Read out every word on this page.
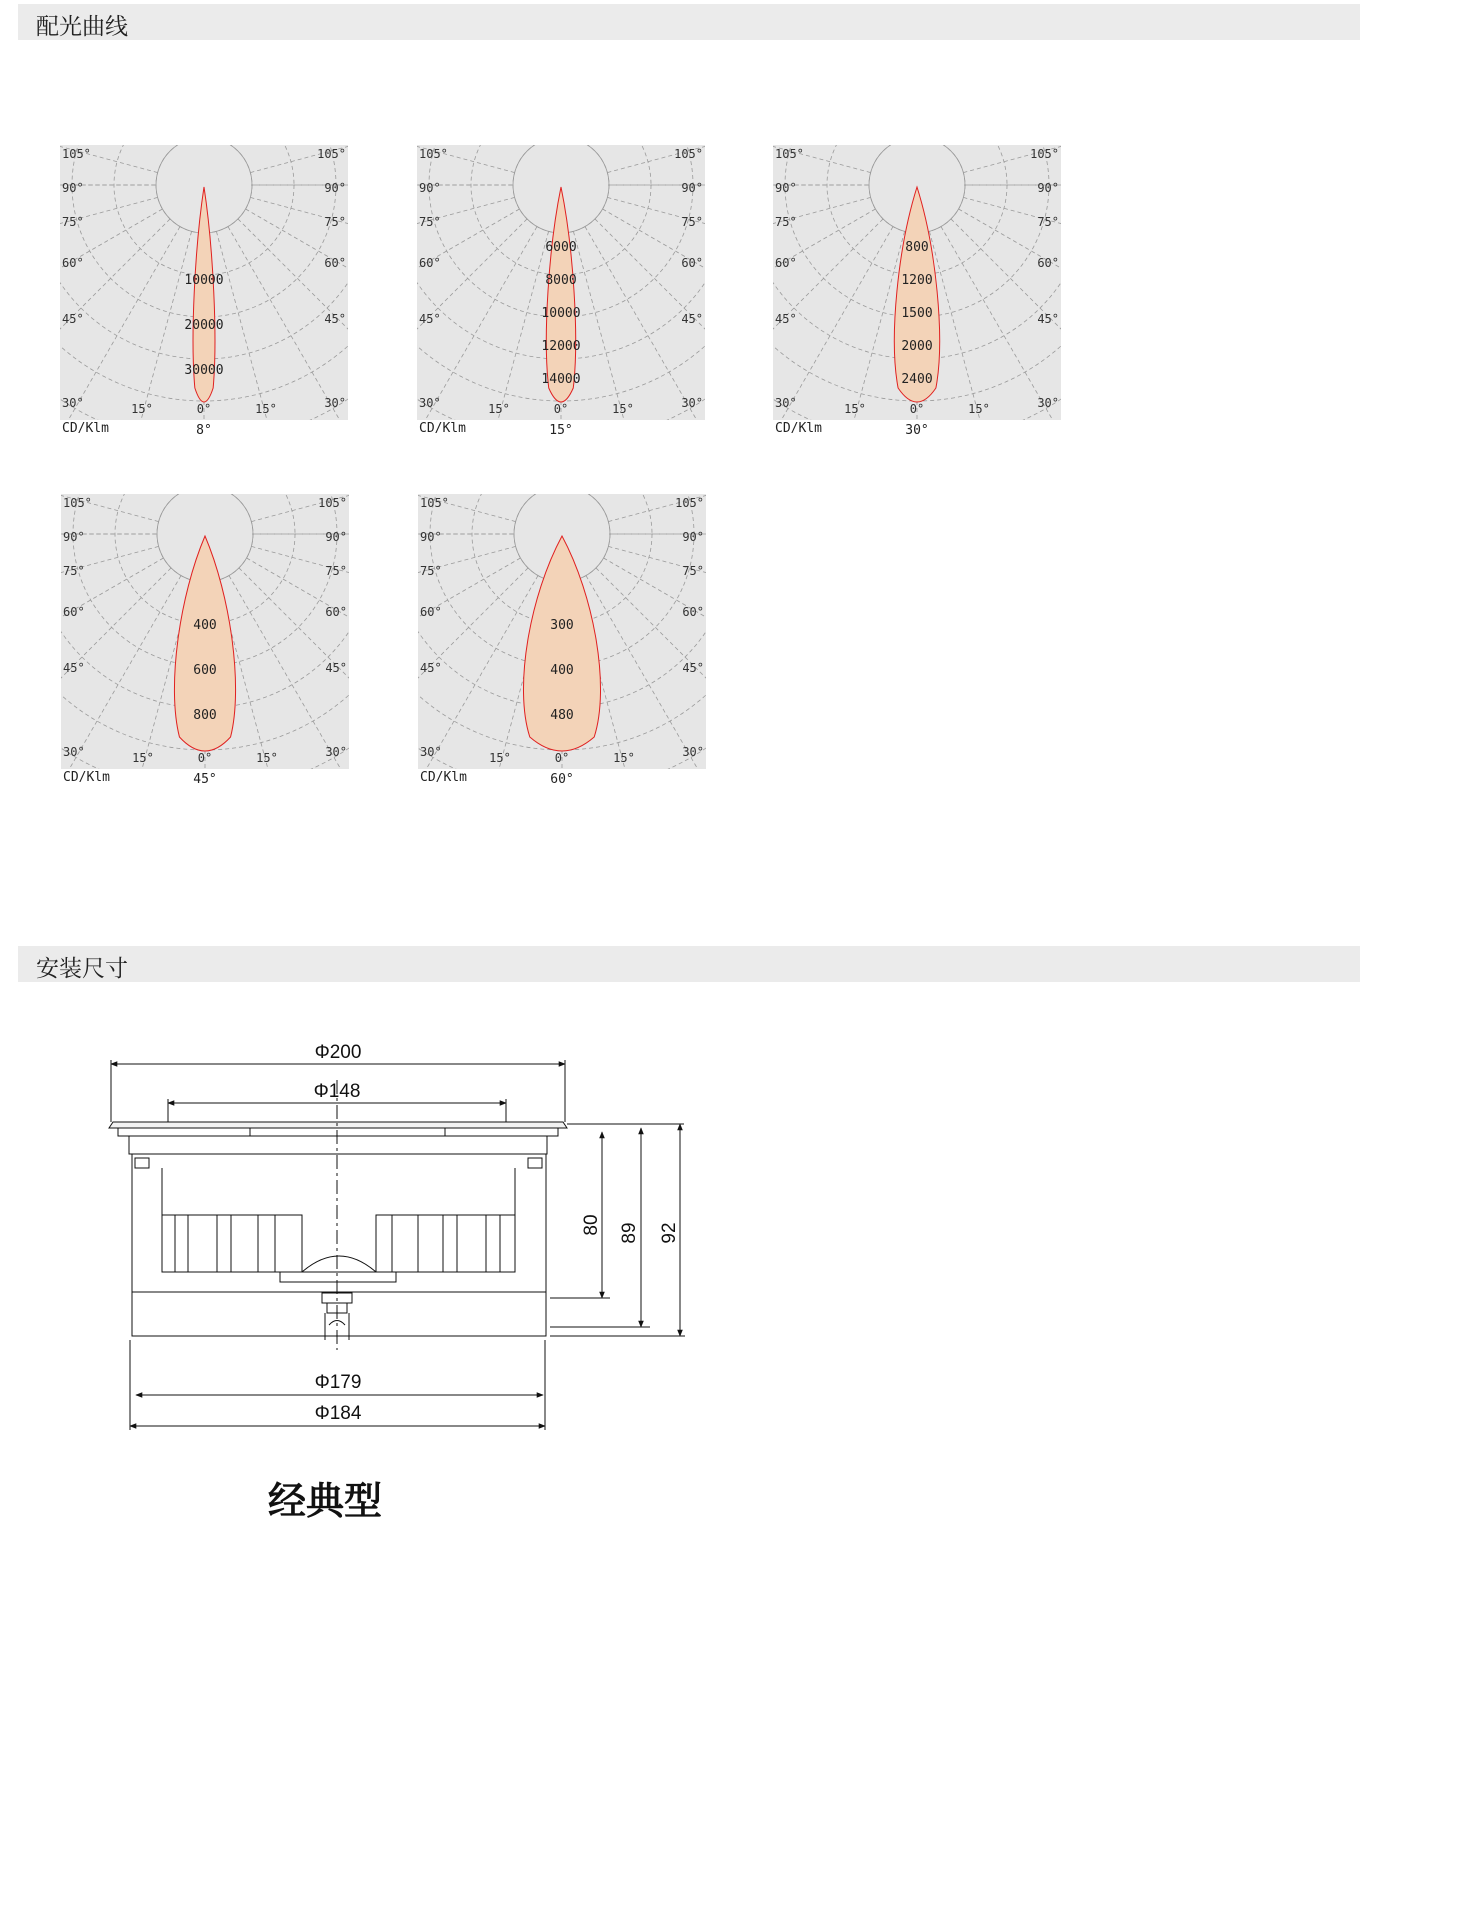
配光曲线
105°	105°
90°	90°
75°	75°
60°	60°
45°	45°
30°	30°
15°	15°
0°
10000
20000
30000
CD/Klm	8°
105°	105°
90°	90°
75°	75°
60°	60°
45°	45°
30°	30°
15°	15°
0°
6000
8000
10000
12000
14000
CD/Klm	15°
105°	105°
90°	90°
75°	75°
60°	60°
45°	45°
30°	30°
15°	15°
0°
800
1200
1500
2000
2400
CD/Klm	30°
105°	105°
90°	90°
75°	75°
60°	60°
45°	45°
30°	30°
15°	15°
0°
400
600
800
CD/Klm	45°
105°	105°
90°	90°
75°	75°
60°	60°
45°	45°
30°	30°
15°	15°
0°
300
400
480
CD/Klm	60°
安装尺寸
Φ200
Φ148
Φ179
Φ184
80 89 92
经典型
